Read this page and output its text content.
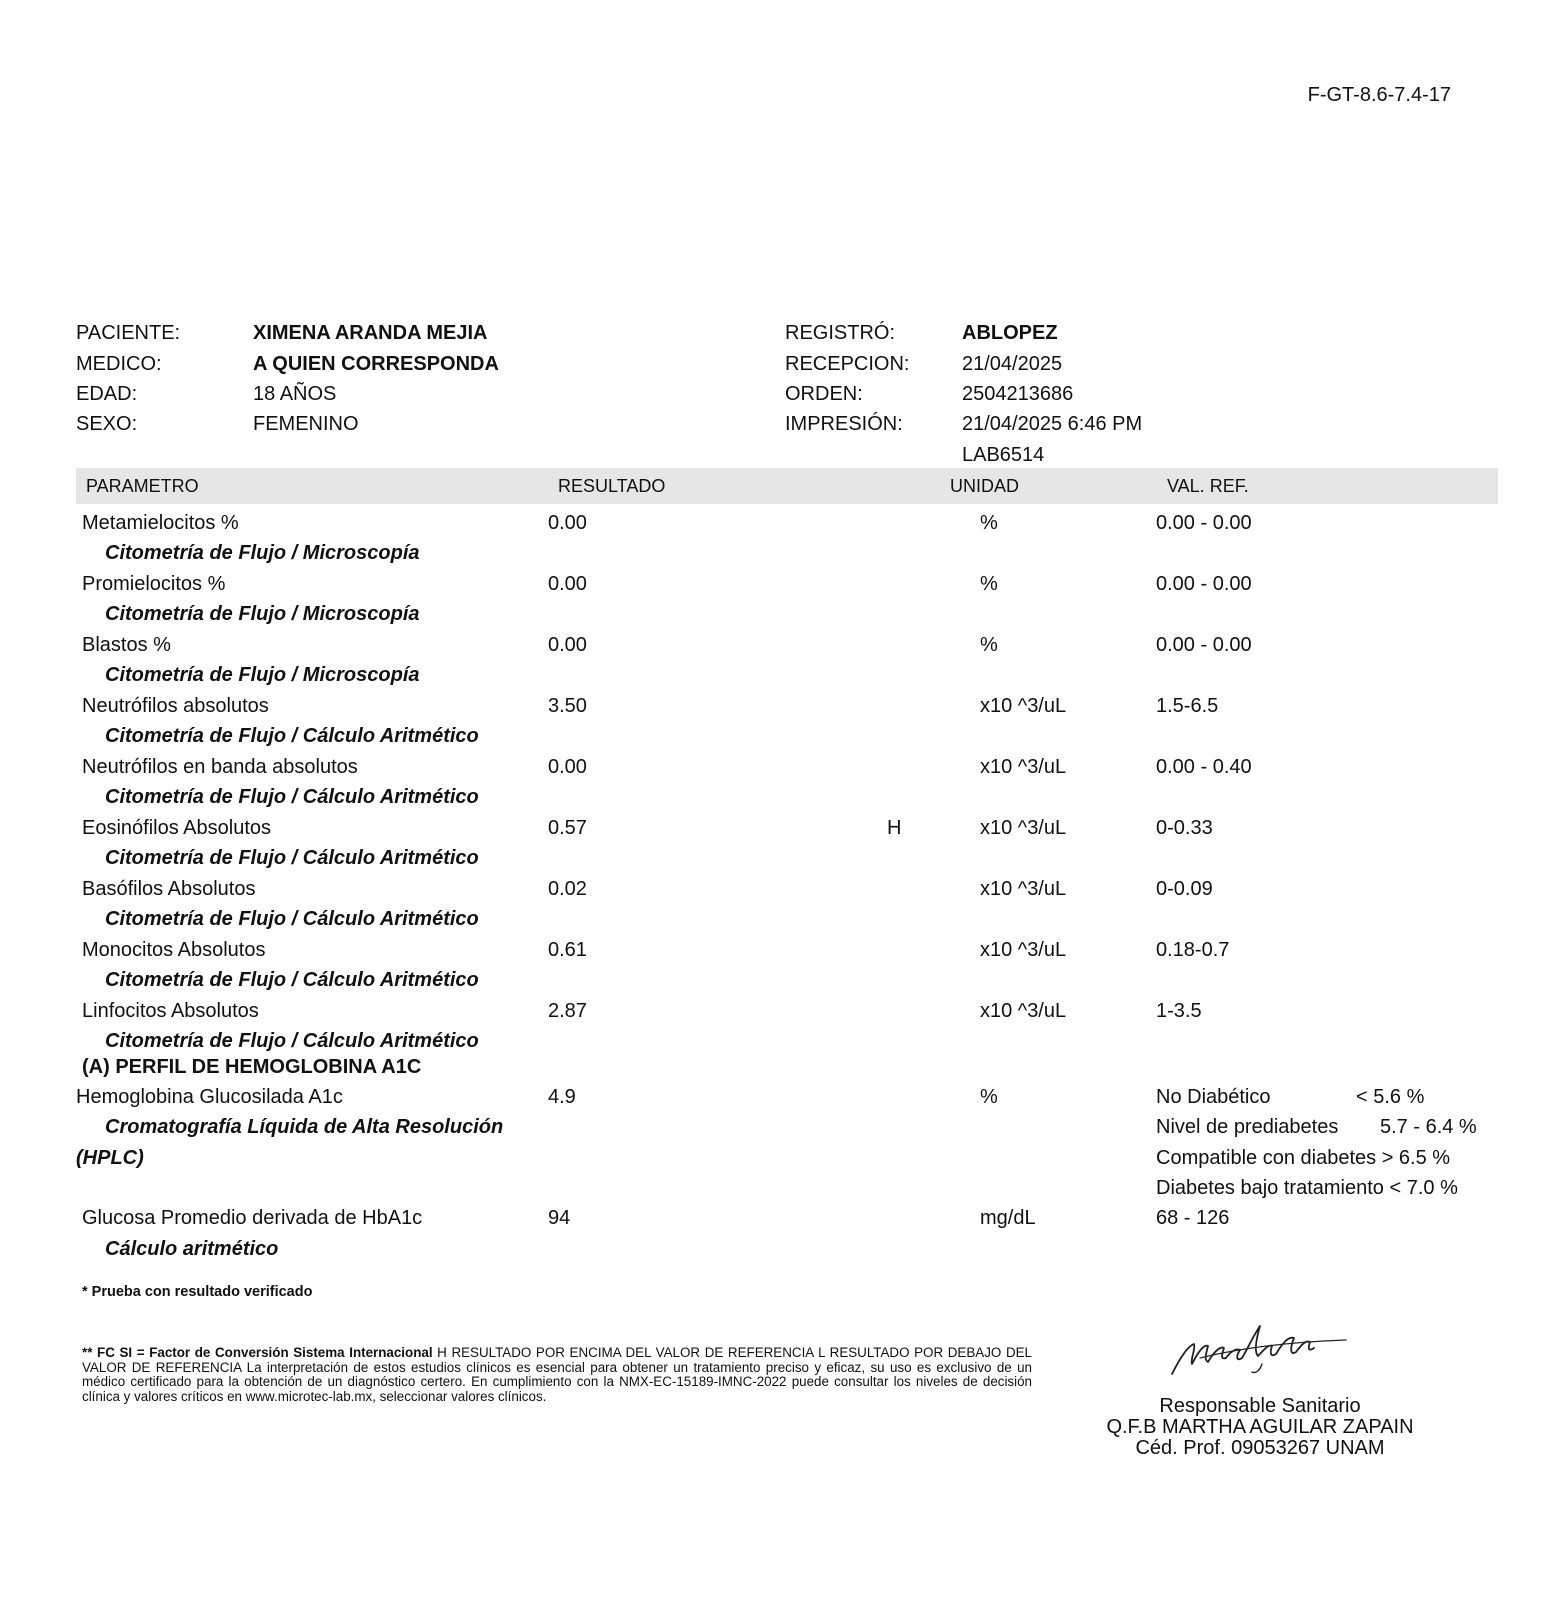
F-GT-8.6-7.4-17
PACIENTE:	XIMENA ARANDA MEJIA
MEDICO:	A QUIEN CORRESPONDA
EDAD:	18 AÑOS
SEXO:	FEMENINO
REGISTRÓ:	ABLOPEZ
RECEPCION:	21/04/2025
ORDEN:	2504213686
IMPRESIÓN:	21/04/2025 6:46 PM
LAB6514
PARAMETRO	RESULTADO	UNIDAD	VAL. REF.
Metamielocitos %	0.00	%	0.00 - 0.00
Citometría de Flujo / Microscopía
Promielocitos %	0.00	%	0.00 - 0.00
Citometría de Flujo / Microscopía
Blastos %	0.00	%	0.00 - 0.00
Citometría de Flujo / Microscopía
Neutrófilos absolutos	3.50	x10 ^3/uL	1.5-6.5
Citometría de Flujo / Cálculo Aritmético
Neutrófilos en banda absolutos	0.00	x10 ^3/uL	0.00 - 0.40
Citometría de Flujo / Cálculo Aritmético
Eosinófilos Absolutos	0.57	H	x10 ^3/uL	0-0.33
Citometría de Flujo / Cálculo Aritmético
Basófilos Absolutos	0.02	x10 ^3/uL	0-0.09
Citometría de Flujo / Cálculo Aritmético
Monocitos Absolutos	0.61	x10 ^3/uL	0.18-0.7
Citometría de Flujo / Cálculo Aritmético
Linfocitos Absolutos	2.87	x10 ^3/uL	1-3.5
Citometría de Flujo / Cálculo Aritmético
(A) PERFIL DE HEMOGLOBINA A1C
Hemoglobina Glucosilada A1c	4.9	%	No Diabético	< 5.6 %
Cromatografía Líquida de Alta Resolución	Nivel de prediabetes 5.7 - 6.4 %
(HPLC)	Compatible con diabetes > 6.5 %
Diabetes bajo tratamiento < 7.0 %
Glucosa Promedio derivada de HbA1c	94	mg/dL	68 - 126
Cálculo aritmético
* Prueba con resultado verificado
** FC SI = Factor de Conversión Sistema Internacional H RESULTADO POR ENCIMA DEL VALOR DE REFERENCIA L RESULTADO POR DEBAJO DEL VALOR DE REFERENCIA La interpretación de estos estudios clínicos es esencial para obtener un tratamiento preciso y eficaz, su uso es exclusivo de un médico certificado para la obtención de un diagnóstico certero. En cumplimiento con la NMX-EC-15189-IMNC-2022 puede consultar los niveles de decisión clínica y valores críticos en www.microtec-lab.mx, seleccionar valores clínicos.	Responsable Sanitario
Q.F.B MARTHA AGUILAR ZAPAIN
Céd. Prof. 09053267 UNAM
